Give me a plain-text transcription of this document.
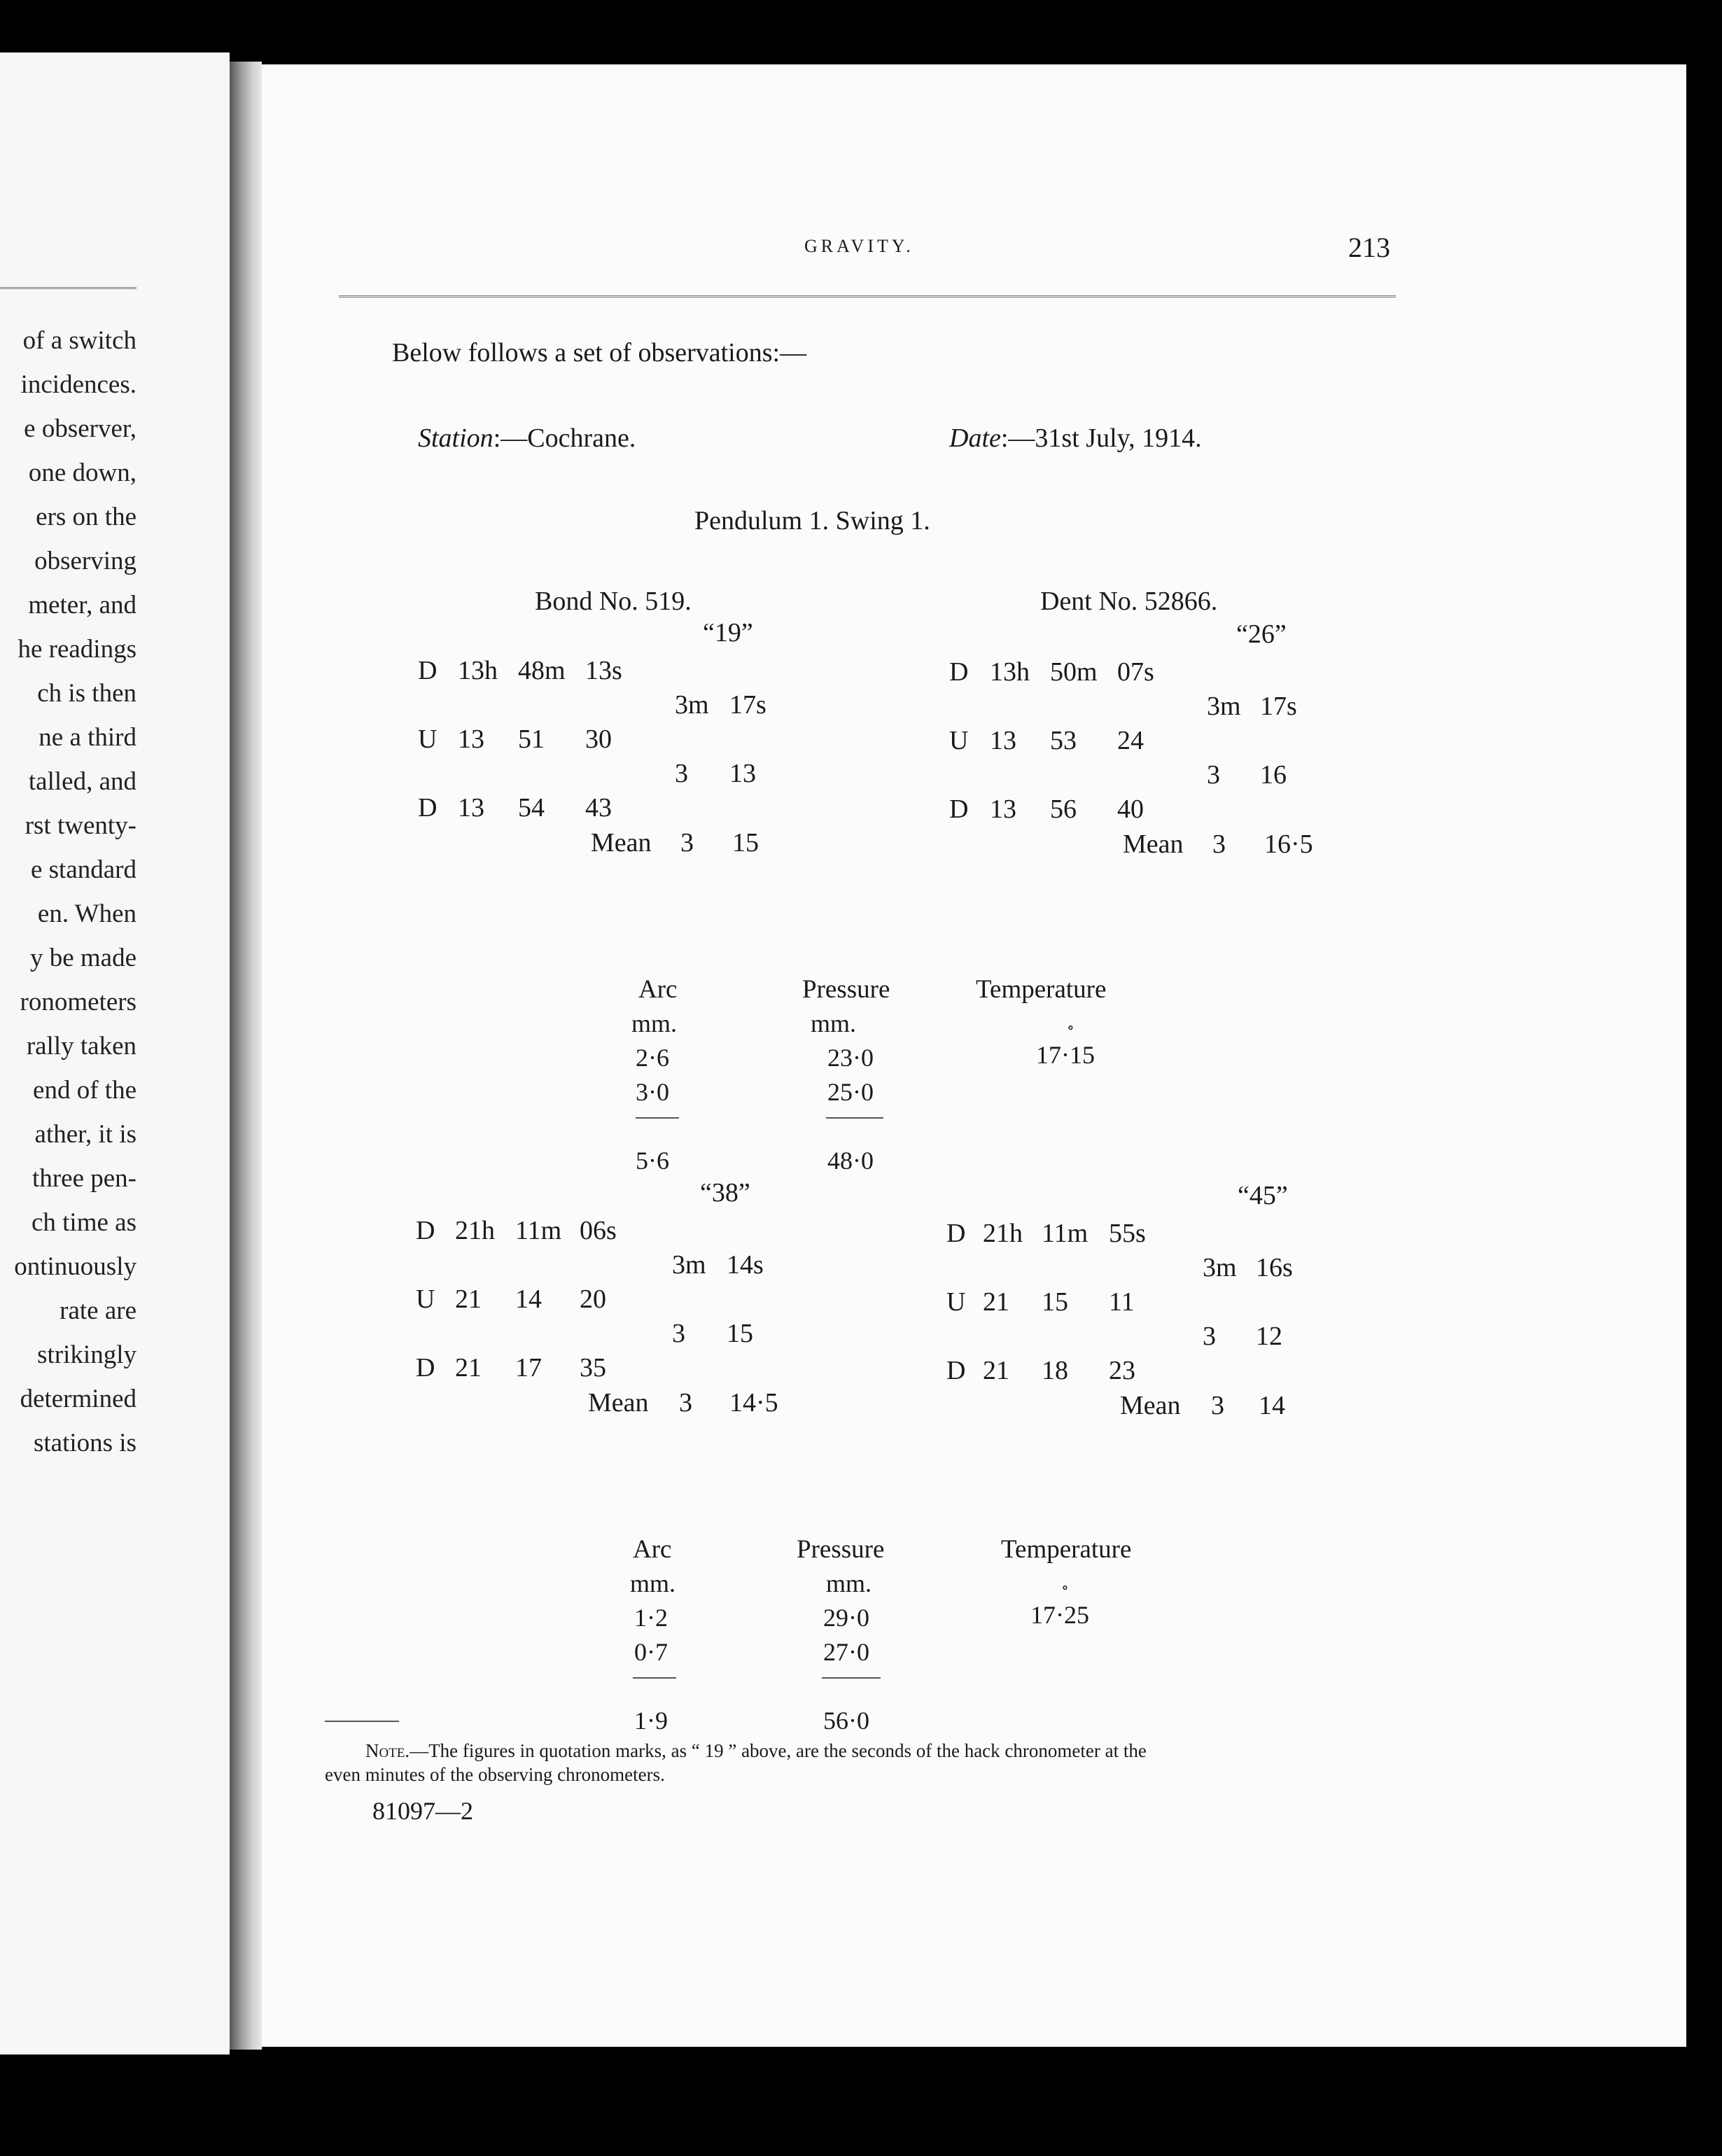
of a switch
incidences.
e observer,
one down,
ers on the
observing
meter, and
he readings
ch is then
ne a third
talled, and
rst twenty-
e standard
en. When
y be made
ronometers
rally taken
end of the
ather, it is
three pen-
ch time as
ontinuously
rate are
strikingly
determined
stations is
GRAVITY.	213
Below follows a set of observations:—
Station:—Cochrane.	Date:—31st July, 1914.
Pendulum 1. Swing 1.
Bond No. 519.
“19”
D 13h 48m 13s
U 13 51 30
D 13 54 43
3m 17s
3 13
Mean 3 15
Dent No. 52866.
“26”
D 13h 50m 07s
U 13 53 24
D 13 56 40
3m 17s
3 16
Mean 3 16·5
Arc
mm.
2·6
3·0
5·6
Pressure
mm.
23·0
25·0
48·0
Temperature
∘
17·15
“38”
D 21h 11m 06s
U 21 14 20
D 21 17 35
3m 14s
3 15
Mean 3 14·5
“45”
D 21h 11m 55s
U 21 15 11
D 21 18 23
3m 16s
3 12
Mean 3 14
Arc
mm.
1·2
0·7
1·9
Pressure
mm.
29·0
27·0
56·0
Temperature
∘
17·25
Note.—The figures in quotation marks, as “ 19 ” above, are the seconds of the hack chronometer at the
even minutes of the observing chronometers.
81097—2
